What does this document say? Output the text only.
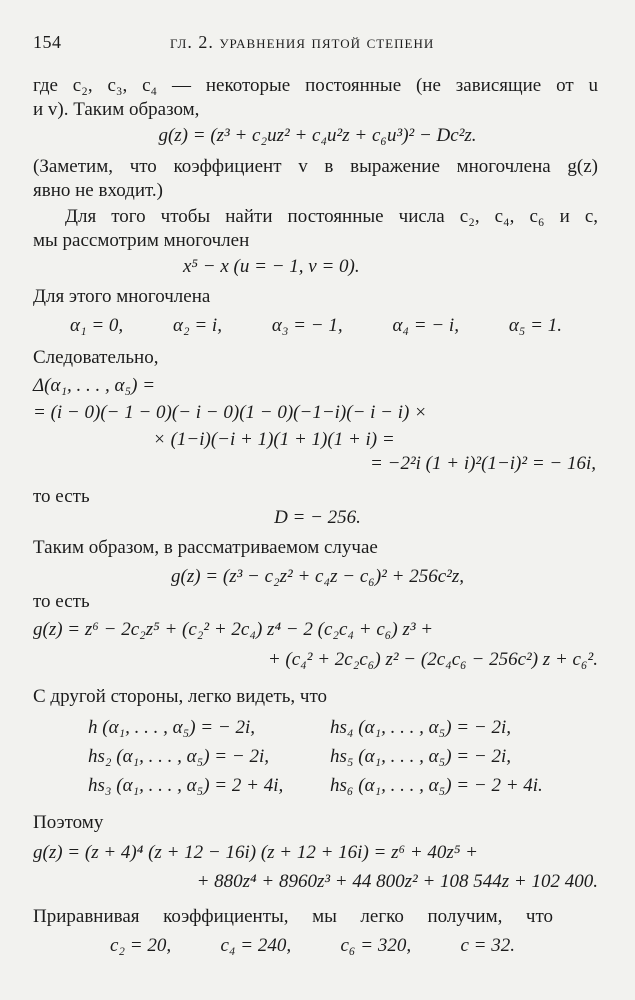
154	гл. 2. уравнения пятой степени
где c₂, c₃, c₄ — некоторые постоянные (не зависящие от u
и v). Таким образом,
g(z) = (z³ + c₂uz² + c₄u²z + c₆u³)² − Dc²z.
(Заметим, что коэффициент v в выражение многочлена g(z)
явно не входит.)
Для того чтобы найти постоянные числа c₂, c₄, c₆ и c,
мы рассмотрим многочлен
x⁵ − x (u = − 1, v = 0).
Для этого многочлена
α₁ = 0,	α₂ = i,	α₃ = − 1,	α₄ = − i,	α₅ = 1.
Следовательно,
Δ(α₁, . . . , α₅) =
= (i − 0)(− 1 − 0)(− i − 0)(1 − 0)(−1−i)(− i − i) ×
× (1−i)(−i + 1)(1 + 1)(1 + i) =
= −2²i (1 + i)²(1−i)² = − 16i,
то есть
D = − 256.
Таким образом, в рассматриваемом случае
g(z) = (z³ − c₂z² + c₄z − c₆)² + 256c²z,
то есть
g(z) = z⁶ − 2c₂z⁵ + (c₂² + 2c₄) z⁴ − 2 (c₂c₄ + c₆) z³ +
+ (c₄² + 2c₂c₆) z² − (2c₄c₆ − 256c²) z + c₆².
С другой стороны, легко видеть, что
h (α₁, . . . , α₅) = − 2i,	hs₄ (α₁, . . . , α₅) = − 2i,
hs₂ (α₁, . . . , α₅) = − 2i,	hs₅ (α₁, . . . , α₅) = − 2i,
hs₃ (α₁, . . . , α₅) = 2 + 4i, hs₆ (α₁, . . . , α₅) = − 2 + 4i.
Поэтому
g(z) = (z + 4)⁴ (z + 12 − 16i) (z + 12 + 16i) = z⁶ + 40z⁵ +
+ 880z⁴ + 8960z³ + 44 800z² + 108 544z + 102 400.
Приравнивая коэффициенты, мы легко получим, что
c₂ = 20,	c₄ = 240,	c₆ = 320,	c = 32.
